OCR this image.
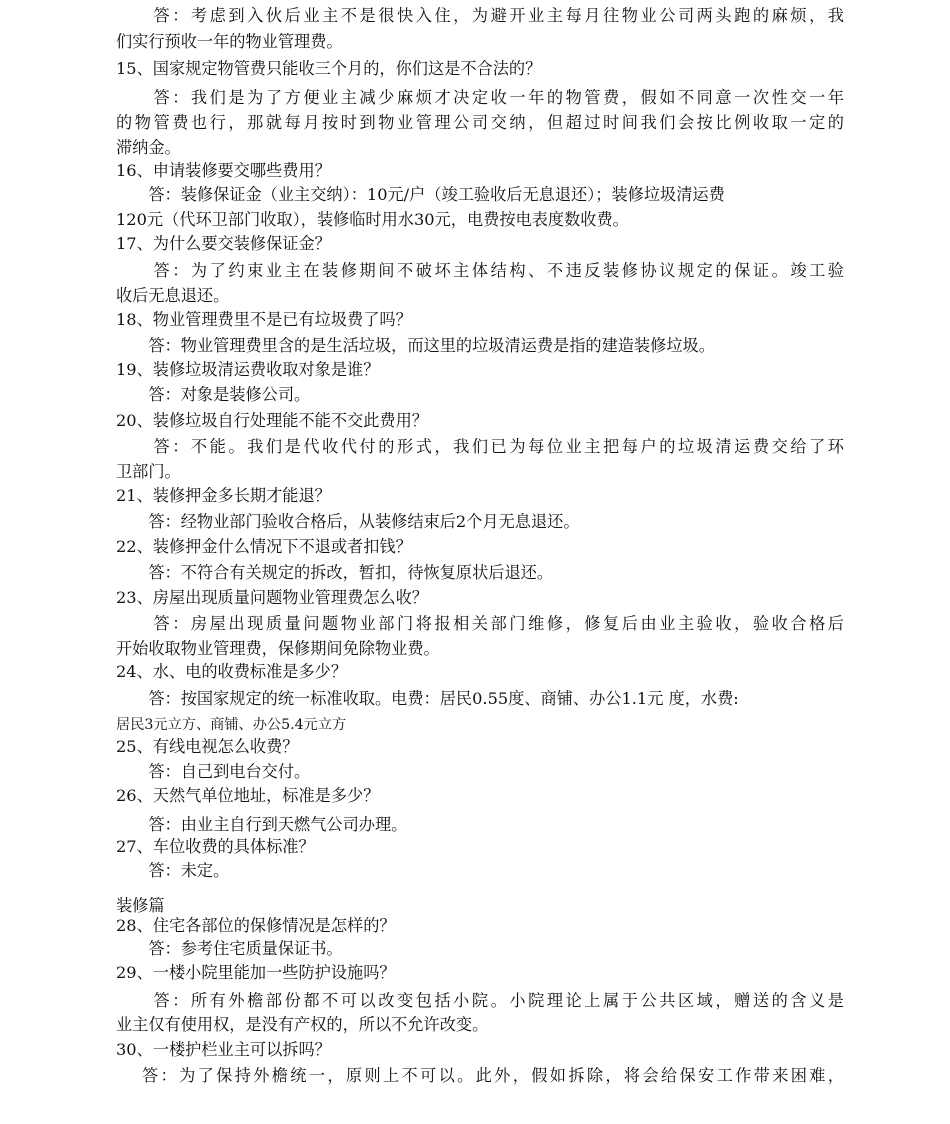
　　答：考虑到入伙后业主不是很快入住，为避开业主每月往物业公司两头跑的麻烦，我
们实行预收一年的物业管理费。
15、国家规定物管费只能收三个月的，你们这是不合法的？
　　答：我们是为了方便业主减少麻烦才决定收一年的物管费，假如不同意一次性交一年
的物管费也行，那就每月按时到物业管理公司交纳，但超过时间我们会按比例收取一定的
滞纳金。
16、申请装修要交哪些费用？
　　答：装修保证金（业主交纳）：10元/户（竣工验收后无息退还）；装修垃圾清运费
120元（代环卫部门收取），装修临时用水30元，电费按电表度数收费。
17、为什么要交装修保证金？
　　答：为了约束业主在装修期间不破坏主体结构、不违反装修协议规定的保证。竣工验
收后无息退还。
18、物业管理费里不是已有垃圾费了吗？
　　答：物业管理费里含的是生活垃圾，而这里的垃圾清运费是指的建造装修垃圾。
19、装修垃圾清运费收取对象是谁？
　　答：对象是装修公司。
20、装修垃圾自行处理能不能不交此费用？
　　答：不能。我们是代收代付的形式，我们已为每位业主把每户的垃圾清运费交给了环
卫部门。
21、装修押金多长期才能退？
　　答：经物业部门验收合格后，从装修结束后2个月无息退还。
22、装修押金什么情况下不退或者扣钱？
　　答：不符合有关规定的拆改，暂扣，待恢复原状后退还。
23、房屋出现质量问题物业管理费怎么收？
　　答：房屋出现质量问题物业部门将报相关部门维修，修复后由业主验收，验收合格后
开始收取物业管理费，保修期间免除物业费。
24、水、电的收费标准是多少？
　　答：按国家规定的统一标准收取。电费：居民0.55度、商铺、办公1.1元 度，水费:
居民3元立方、商铺、办公5.4元立方
25、有线电视怎么收费？
　　答：自己到电台交付。
26、天然气单位地址，标准是多少？
　　答：由业主自行到天燃气公司办理。
27、车位收费的具体标准？
　　答：未定。
装修篇
28、住宅各部位的保修情况是怎样的？
　　答：参考住宅质量保证书。
29、一楼小院里能加一些防护设施吗？
　　答：所有外檐部份都不可以改变包括小院。小院理论上属于公共区域，赠送的含义是
业主仅有使用权，是没有产权的，所以不允许改变。
30、一楼护栏业主可以拆吗？
　 答：为了保持外檐统一，原则上不可以。此外，假如拆除，将会给保安工作带来困难，
